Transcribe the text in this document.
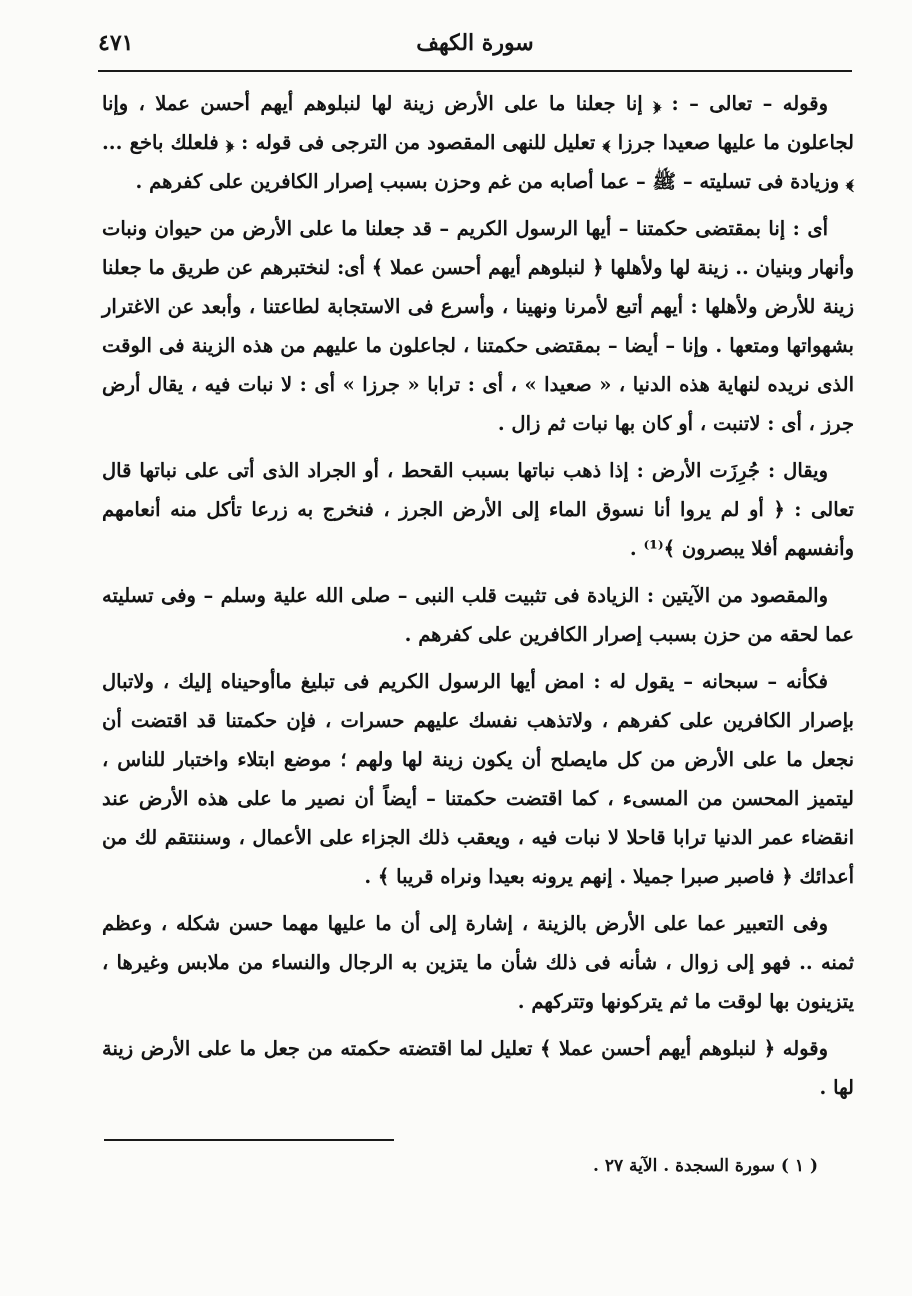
سورة الكهف
٤٧١

وقوله – تعالى – : ﴿ إنا جعلنا ما على الأرض زينة لها لنبلوهم أيهم أحسن عملا ، وإنا لجاعلون ما عليها صعيدا جرزا ﴾ تعليل للنهى المقصود من الترجى فى قوله : ﴿ فلعلك باخع ... ﴾ وزيادة فى تسليته – ﷺ – عما أصابه من غم وحزن بسبب إصرار الكافرين على كفرهم .

أى : إنا بمقتضى حكمتنا – أيها الرسول الكريم – قد جعلنا ما على الأرض من حيوان ونبات وأنهار وبنيان .. زينة لها ولأهلها ﴿ لنبلوهم أيهم أحسن عملا ﴾ أى: لنختبرهم عن طريق ما جعلنا زينة للأرض ولأهلها : أيهم أتبع لأمرنا ونهينا ، وأسرع فى الاستجابة لطاعتنا ، وأبعد عن الاغترار بشهواتها ومتعها . وإنا – أيضا – بمقتضى حكمتنا ، لجاعلون ما عليهم من هذه الزينة فى الوقت الذى نريده لنهاية هذه الدنيا ، « صعيدا » ، أى : ترابا « جرزا » أى : لا نبات فيه ، يقال أرض جرز ، أى : لاتنبت ، أو كان بها نبات ثم زال .

ويقال : جُرِزَت الأرض : إذا ذهب نباتها بسبب القحط ، أو الجراد الذى أتى على نباتها قال تعالى : ﴿ أو لم يروا أنا نسوق الماء إلى الأرض الجرز ، فنخرج به زرعا تأكل منه أنعامهم وأنفسهم أفلا يبصرون ﴾⁽¹⁾ .

والمقصود من الآيتين : الزيادة فى تثبيت قلب النبى – صلى الله علية وسلم – وفى تسليته عما لحقه من حزن بسبب إصرار الكافرين على كفرهم .

فكأنه – سبحانه – يقول له : امض أيها الرسول الكريم فى تبليغ ماأوحيناه إليك ، ولاتبال بإصرار الكافرين على كفرهم ، ولاتذهب نفسك عليهم حسرات ، فإن حكمتنا قد اقتضت أن نجعل ما على الأرض من كل مايصلح أن يكون زينة لها ولهم ؛ موضع ابتلاء واختبار للناس ، ليتميز المحسن من المسىء ، كما اقتضت حكمتنا – أيضاً أن نصير ما على هذه الأرض عند انقضاء عمر الدنيا ترابا قاحلا لا نبات فيه ، ويعقب ذلك الجزاء على الأعمال ، وسننتقم لك من أعدائك ﴿ فاصبر صبرا جميلا . إنهم يرونه بعيدا ونراه قريبا ﴾ .

وفى التعبير عما على الأرض بالزينة ، إشارة إلى أن ما عليها مهما حسن شكله ، وعظم ثمنه .. فهو إلى زوال ، شأنه فى ذلك شأن ما يتزين به الرجال والنساء من ملابس وغيرها ، يتزينون بها لوقت ما ثم يتركونها وتتركهم .

وقوله ﴿ لنبلوهم أيهم أحسن عملا ﴾ تعليل لما اقتضته حكمته من جعل ما على الأرض زينة لها .

( ١ ) سورة السجدة . الآية ٢٧ .
